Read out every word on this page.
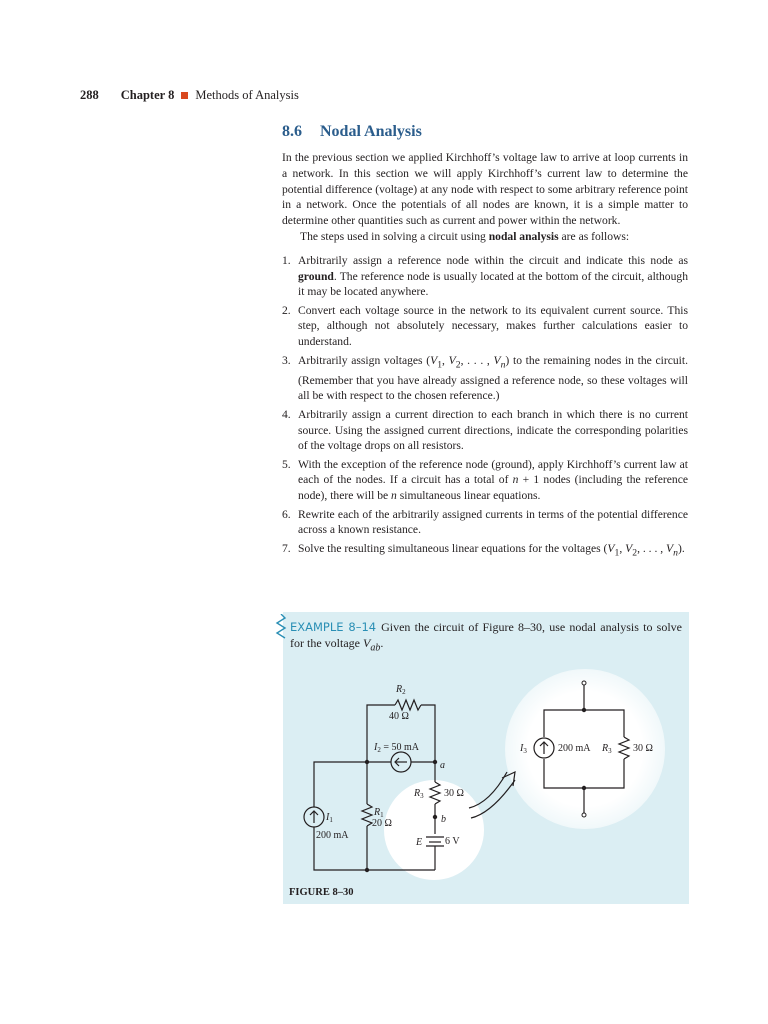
288 Chapter 8 Methods of Analysis
8.6 Nodal Analysis

In the previous section we applied Kirchhoff’s voltage law to arrive at loop currents in a network. In this section we will apply Kirchhoff’s current law to determine the potential difference (voltage) at any node with respect to some arbitrary reference point in a network. Once the potentials of all nodes are known, it is a simple matter to determine other quantities such as current and power within the network.

The steps used in solving a circuit using nodal analysis are as follows:

1. Arbitrarily assign a reference node within the circuit and indicate this node as ground. The reference node is usually located at the bottom of the circuit, although it may be located anywhere.
2. Convert each voltage source in the network to its equivalent current source. This step, although not absolutely necessary, makes further calculations easier to understand.
3. Arbitrarily assign voltages ($V_1$, $V_2$, . . . , $V_n$) to the remaining nodes in the circuit. (Remember that you have already assigned a reference node, so these voltages will all be with respect to the chosen reference.)
4. Arbitrarily assign a current direction to each branch in which there is no current source. Using the assigned current directions, indicate the corresponding polarities of the voltage drops on all resistors.
5. With the exception of the reference node (ground), apply Kirchhoff’s current law at each of the nodes. If a circuit has a total of n + 1 nodes (including the reference node), there will be n simultaneous linear equations.
6. Rewrite each of the arbitrarily assigned currents in terms of the potential difference across a known resistance.
7. Solve the resulting simultaneous linear equations for the voltages ($V_1$, $V_2$, . . . , $V_n$).
EXAMPLE 8–14 Given the circuit of Figure 8–30, use nodal analysis to solve for the voltage $V_{ab}$.
$R_2$
40 Ω
$I_2 = 50$ mA
a
$R_3$ 30 Ω
b
$R_1$
20 Ω
$I_1$
200 mA
E 6 V
$I_3$	200 mA $R_3$ 30 Ω
FIGURE 8–30
